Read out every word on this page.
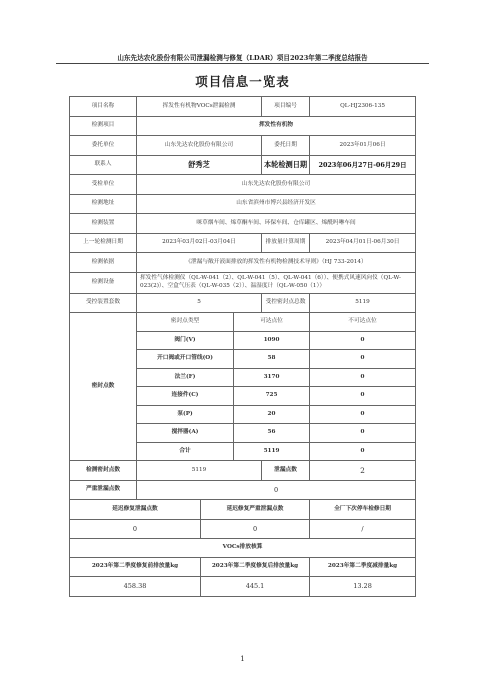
山东先达农化股份有限公司泄漏检测与修复（LDAR）项目2023年第二季度总结报告
项目信息一览表
项目名称	挥发性有机物VOCs泄漏检测			项目编号	QL-HJ2306-135
检测项目	挥发性有机物				
委托单位	山东先达农化股份有限公司			委托日期	2023年01月06日
联系人	舒秀芝			本轮检测日期	2023年06月27日-06月29日
受检单位	山东先达农化股份有限公司				
检测地址	山东省滨州市博兴县经济开发区				
检测装置	咪草烟车间、烯草酮车间、环保车间、仓库罐区、烯酰吗啉车间				
上一轮检测日期	2023年03月02日-03月04日			排放量计算周期	2023年04月01日-06月30日
检测依据	《泄漏与敞开液面排放的挥发性有机物检测技术导则》（HJ 733-2014）				
检测设备	挥发性气体检测仪（QL-W-041（2）、QL-W-041（5）、QL-W-041（6））、便携式风速风向仪（QL-W-023(2)）、空盒气压表（QL-W-035（2））、温湿度计（QL-W-050（1））				
受控装置套数	5			受控密封点总数	5119
密封点数	密封点类型		可达点位		不可达点位
	阀门(V)		1090		0
	开口阀或开口管线(O)		58		0
	法兰(F)		3170		0
	连接件(C)		725		0
	泵(P)		20		0
	搅拌器(A)		56		0
	合计		5119		0
检测密封点数	5119			泄漏点数	2
严重泄漏点数	0				
延迟修复泄漏点数		延迟修复严重泄漏点数			全厂下次停车检修日期
0		0			/
VOCs排放核算					
2023年第二季度修复前排放量kg		2023年第二季度修复后排放量kg			2023年第二季度减排量kg
458.38		445.1			13.28
1
